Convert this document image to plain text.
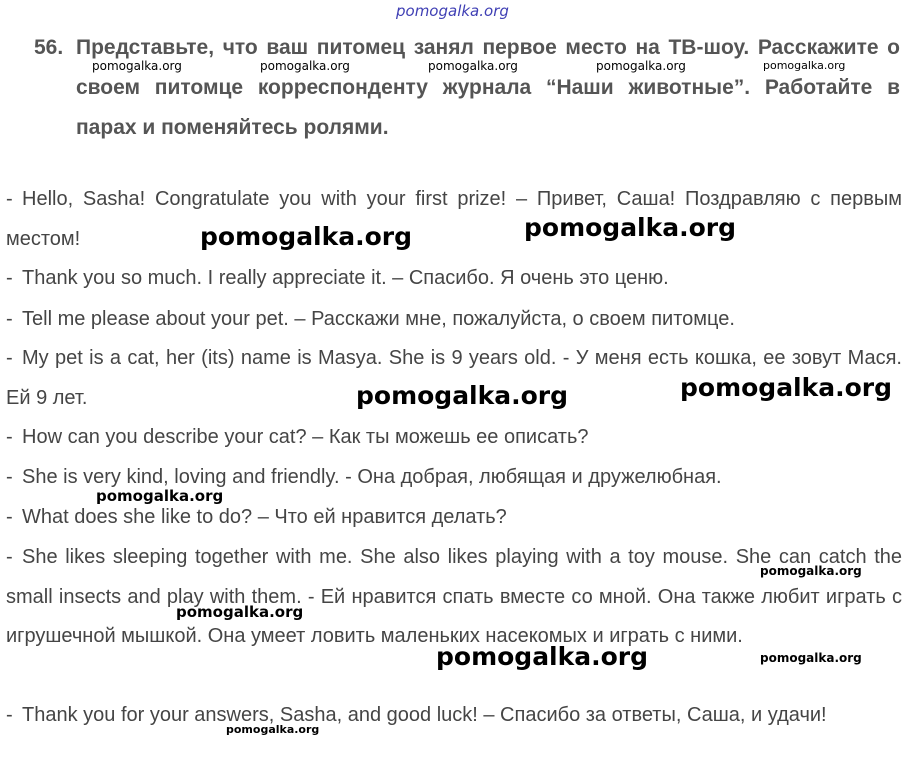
pomogalka.org
pomogalka.org	pomogalka.org	pomogalka.org	pomogalka.org	pomogalka.org
56. Представьте, что ваш питомец занял первое место на ТВ-шоу. Расскажите о своем питомце корреспонденту журнала “Наши животные”. Работайте в парах и поменяйтесь ролями.
- Hello, Sasha! Congratulate you with your first prize! – Привет, Саша! Поздравляю с первым местом!
- Thank you so much. I really appreciate it. – Спасибо. Я очень это ценю.
- Tell me please about your pet. – Расскажи мне, пожалуйста, о своем питомце.
- My pet is a cat, her (its) name is Masya. She is 9 years old. - У меня есть кошка, ее зовут Мася. Ей 9 лет.
- How can you describe your cat? – Как ты можешь ее описать?
- She is very kind, loving and friendly. - Она добрая, любящая и дружелюбная.
- What does she like to do? – Что ей нравится делать?
- She likes sleeping together with me. She also likes playing with a toy mouse. She can catch the small insects and play with them. - Ей нравится спать вместе со мной. Она также любит играть с игрушечной мышкой. Она умеет ловить маленьких насекомых и играть с ними.
- Thank you for your answers, Sasha, and good luck! – Спасибо за ответы, Саша, и удачи!
pomogalka.org	pomogalka.org
pomogalka.org	pomogalka.org
pomogalka.org
pomogalka.org
pomogalka.org
pomogalka.org	pomogalka.org
pomogalka.org
